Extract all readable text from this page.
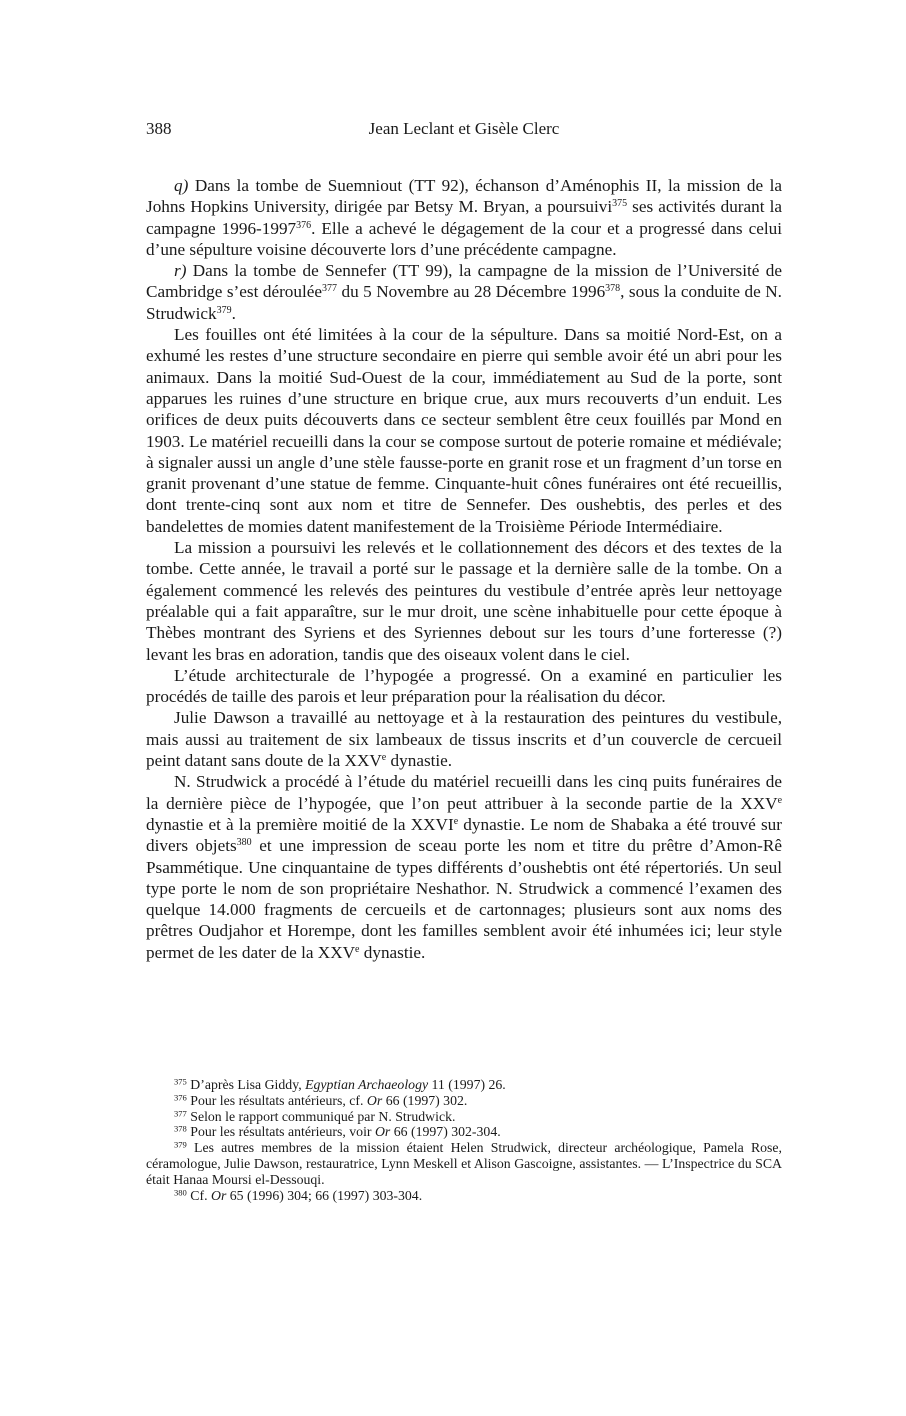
388	Jean Leclant et Gisèle Clerc

q) Dans la tombe de Suemniout (TT 92), échanson d’Aménophis II, la mission de la Johns Hopkins University, dirigée par Betsy M. Bryan, a poursuivi$^{375}$ ses activités durant la campagne 1996-1997$^{376}$. Elle a achevé le dégagement de la cour et a progressé dans celui d’une sépulture voisine découverte lors d’une précédente campagne.

r) Dans la tombe de Sennefer (TT 99), la campagne de la mission de l’Université de Cambridge s’est déroulée$^{377}$ du 5 Novembre au 28 Décembre 1996$^{378}$, sous la conduite de N. Strudwick$^{379}$.

Les fouilles ont été limitées à la cour de la sépulture. Dans sa moitié Nord-Est, on a exhumé les restes d’une structure secondaire en pierre qui semble avoir été un abri pour les animaux. Dans la moitié Sud-Ouest de la cour, immédiatement au Sud de la porte, sont apparues les ruines d’une structure en brique crue, aux murs recouverts d’un enduit. Les orifices de deux puits découverts dans ce secteur semblent être ceux fouillés par Mond en 1903. Le matériel recueilli dans la cour se compose surtout de poterie romaine et médiévale; à signaler aussi un angle d’une stèle fausse-porte en granit rose et un fragment d’un torse en granit provenant d’une statue de femme. Cinquante-huit cônes funéraires ont été recueillis, dont trente-cinq sont aux nom et titre de Sennefer. Des oushebtis, des perles et des bandelettes de momies datent manifestement de la Troisième Période Intermédiaire.

La mission a poursuivi les relevés et le collationnement des décors et des textes de la tombe. Cette année, le travail a porté sur le passage et la dernière salle de la tombe. On a également commencé les relevés des peintures du vestibule d’entrée après leur nettoyage préalable qui a fait apparaître, sur le mur droit, une scène inhabituelle pour cette époque à Thèbes montrant des Syriens et des Syriennes debout sur les tours d’une forteresse (?) levant les bras en adoration, tandis que des oiseaux volent dans le ciel.

L’étude architecturale de l’hypogée a progressé. On a examiné en particulier les procédés de taille des parois et leur préparation pour la réalisation du décor.

Julie Dawson a travaillé au nettoyage et à la restauration des peintures du vestibule, mais aussi au traitement de six lambeaux de tissus inscrits et d’un couvercle de cercueil peint datant sans doute de la XXVe dynastie.

N. Strudwick a procédé à l’étude du matériel recueilli dans les cinq puits funéraires de la dernière pièce de l’hypogée, que l’on peut attribuer à la seconde partie de la XXVe dynastie et à la première moitié de la XXVIe dynastie. Le nom de Shabaka a été trouvé sur divers objets$^{380}$ et une impression de sceau porte les nom et titre du prêtre d’Amon-Rê Psammétique. Une cinquantaine de types différents d’oushebtis ont été répertoriés. Un seul type porte le nom de son propriétaire Neshathor. N. Strudwick a commencé l’examen des quelque 14.000 fragments de cercueils et de cartonnages; plusieurs sont aux noms des prêtres Oudjahor et Horempe, dont les familles semblent avoir été inhumées ici; leur style permet de les dater de la XXVe dynastie.

$^{375}$ D’après Lisa Giddy, Egyptian Archaeology 11 (1997) 26.

$^{376}$ Pour les résultats antérieurs, cf. Or 66 (1997) 302.

$^{377}$ Selon le rapport communiqué par N. Strudwick.

$^{378}$ Pour les résultats antérieurs, voir Or 66 (1997) 302-304.

$^{379}$ Les autres membres de la mission étaient Helen Strudwick, directeur archéologique, Pamela Rose, céramologue, Julie Dawson, restauratrice, Lynn Meskell et Alison Gascoigne, assistantes. — L’Inspectrice du SCA était Hanaa Moursi el-Dessouqi.

$^{380}$ Cf. Or 65 (1996) 304; 66 (1997) 303-304.
